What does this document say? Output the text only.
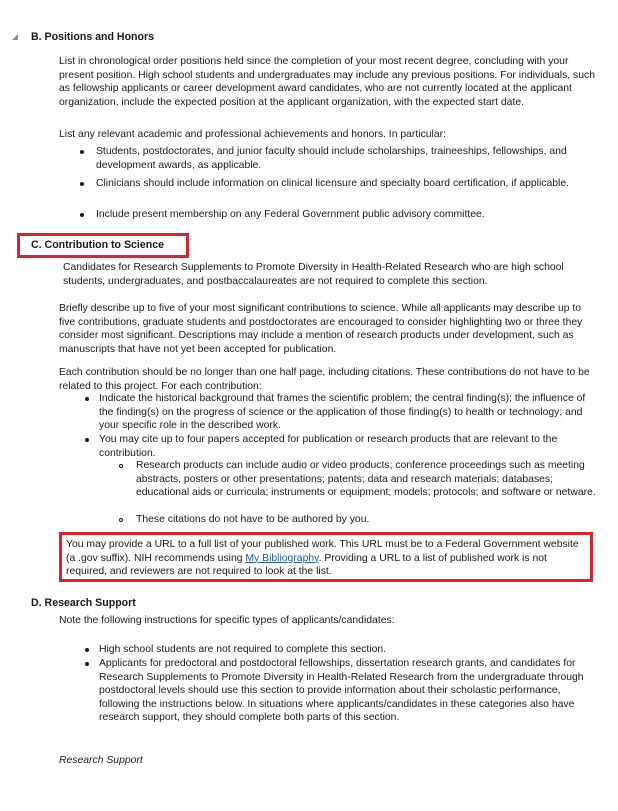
B. Positions and Honors
List in chronological order positions held since the completion of your most recent degree, concluding with your present position. High school students and undergraduates may include any previous positions. For individuals, such as fellowship applicants or career development award candidates, who are not currently located at the applicant organization, include the expected position at the applicant organization, with the expected start date.
List any relevant academic and professional achievements and honors. In particular:
Students, postdoctorates, and junior faculty should include scholarships, traineeships, fellowships, and development awards, as applicable.
Clinicians should include information on clinical licensure and specialty board certification, if applicable.
Include present membership on any Federal Government public advisory committee.
C. Contribution to Science
Candidates for Research Supplements to Promote Diversity in Health-Related Research who are high school students, undergraduates, and postbaccalaureates are not required to complete this section.
Briefly describe up to five of your most significant contributions to science. While all applicants may describe up to five contributions, graduate students and postdoctorates are encouraged to consider highlighting two or three they consider most significant. Descriptions may include a mention of research products under development, such as manuscripts that have not yet been accepted for publication.
Each contribution should be no longer than one half page, including citations. These contributions do not have to be related to this project. For each contribution:
Indicate the historical background that frames the scientific problem; the central finding(s); the influence of the finding(s) on the progress of science or the application of those finding(s) to health or technology; and your specific role in the described work.
You may cite up to four papers accepted for publication or research products that are relevant to the contribution.
Research products can include audio or video products; conference proceedings such as meeting abstracts, posters or other presentations; patents; data and research materials; databases; educational aids or curricula; instruments or equipment; models; protocols; and software or netware.
These citations do not have to be authored by you.
You may provide a URL to a full list of your published work. This URL must be to a Federal Government website (a .gov suffix). NIH recommends using My Bibliography. Providing a URL to a list of published work is not required, and reviewers are not required to look at the list.
D. Research Support
Note the following instructions for specific types of applicants/candidates:
High school students are not required to complete this section.
Applicants for predoctoral and postdoctoral fellowships, dissertation research grants, and candidates for Research Supplements to Promote Diversity in Health-Related Research from the undergraduate through postdoctoral levels should use this section to provide information about their scholastic performance, following the instructions below. In situations where applicants/candidates in these categories also have research support, they should complete both parts of this section.
Research Support
